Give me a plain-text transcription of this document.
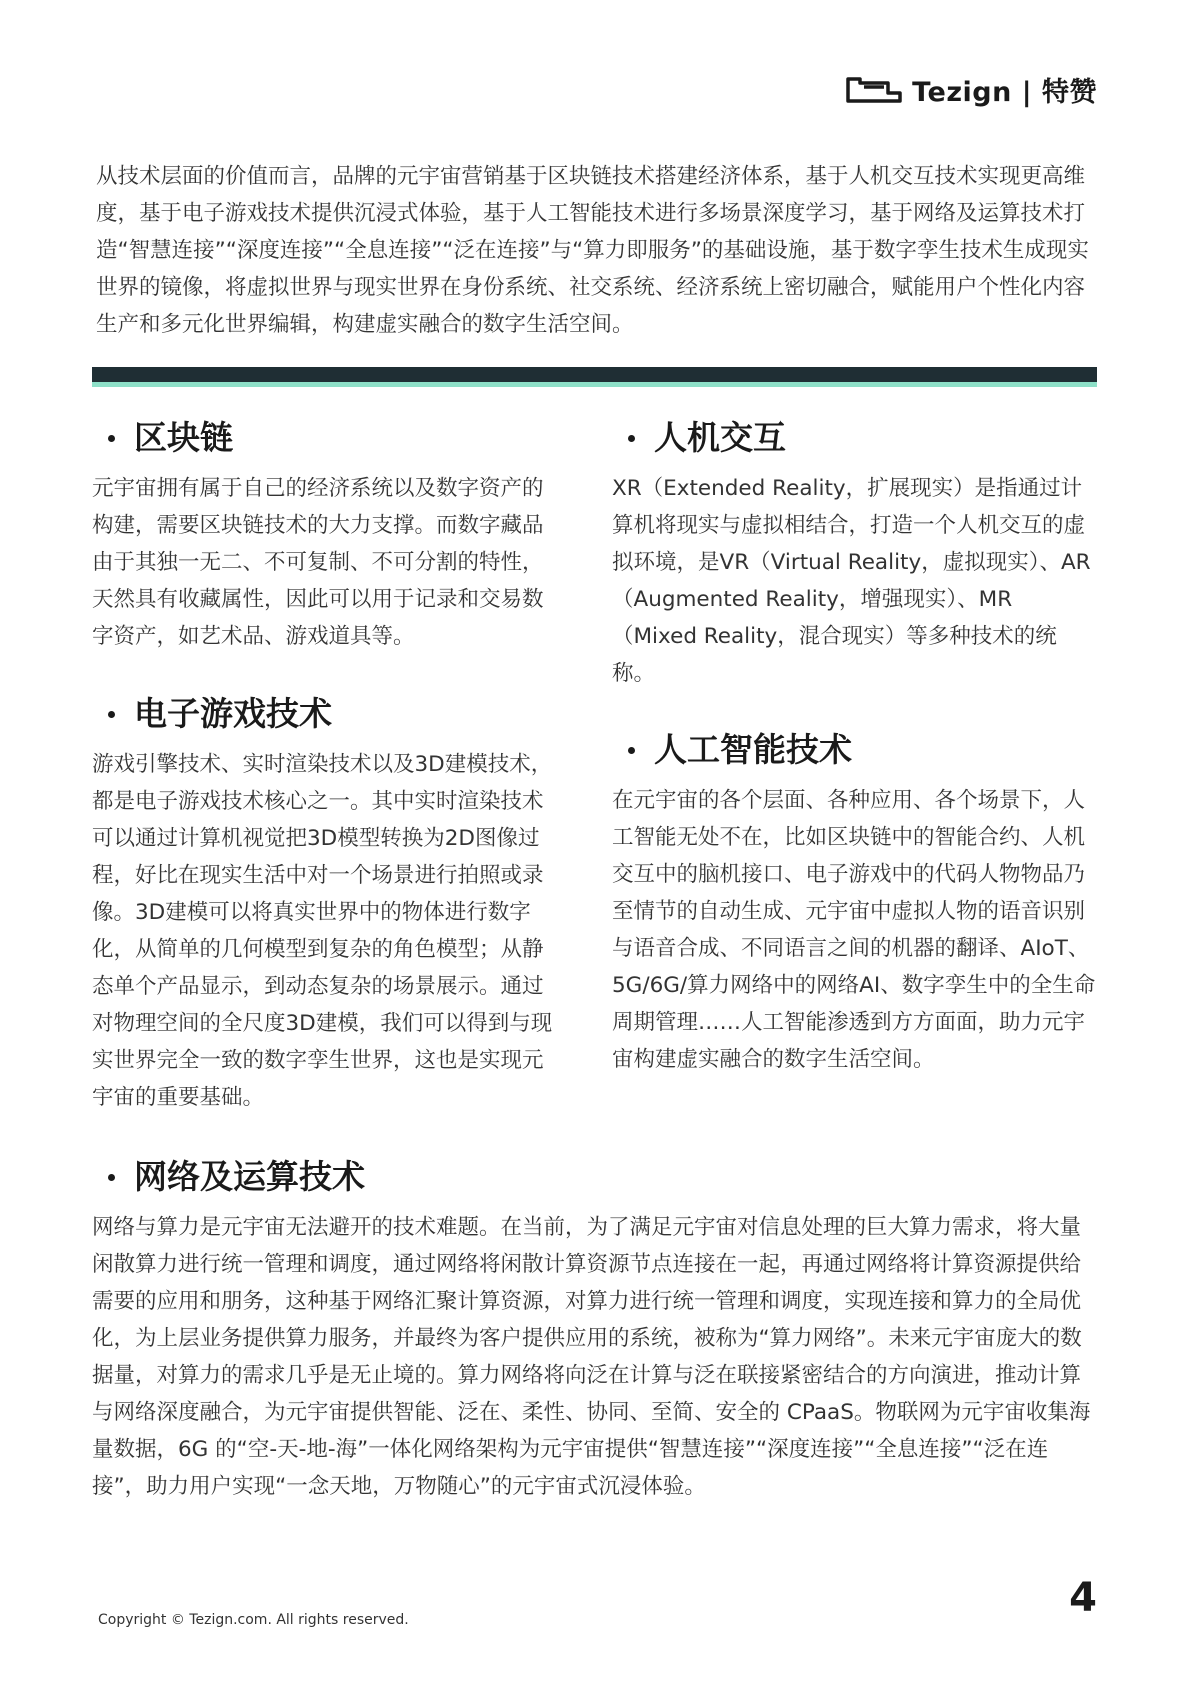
Tezign | 特赞

从技术层面的价值而言，品牌的元宇宙营销基于区块链技术搭建经济体系，基于人机交互技术实现更高维度，基于电子游戏技术提供沉浸式体验，基于人工智能技术进行多场景深度学习，基于网络及运算技术打造“智慧连接”“深度连接”“全息连接”“泛在连接”与“算力即服务”的基础设施，基于数字孪生技术生成现实世界的镜像，将虚拟世界与现实世界在身份系统、社交系统、经济系统上密切融合，赋能用户个性化内容生产和多元化世界编辑，构建虚实融合的数字生活空间。

区块链

元宇宙拥有属于自己的经济系统以及数字资产的构建，需要区块链技术的大力支撑。而数字藏品由于其独一无二、不可复制、不可分割的特性，天然具有收藏属性，因此可以用于记录和交易数字资产，如艺术品、游戏道具等。

人机交互

XR（Extended Reality，扩展现实）是指通过计算机将现实与虚拟相结合，打造一个人机交互的虚拟环境，是VR（Virtual Reality，虚拟现实）、AR（Augmented Reality，增强现实）、MR（Mixed Reality，混合现实）等多种技术的统称。

电子游戏技术

游戏引擎技术、实时渲染技术以及3D建模技术，都是电子游戏技术核心之一。其中实时渲染技术可以通过计算机视觉把3D模型转换为2D图像过程，好比在现实生活中对一个场景进行拍照或录像。3D建模可以将真实世界中的物体进行数字化，从简单的几何模型到复杂的角色模型；从静态单个产品显示，到动态复杂的场景展示。通过对物理空间的全尺度3D建模，我们可以得到与现实世界完全一致的数字孪生世界，这也是实现元宇宙的重要基础。

人工智能技术

在元宇宙的各个层面、各种应用、各个场景下，人工智能无处不在，比如区块链中的智能合约、人机交互中的脑机接口、电子游戏中的代码人物物品乃至情节的自动生成、元宇宙中虚拟人物的语音识别与语音合成、不同语言之间的机器的翻译、AIoT、5G/6G/算力网络中的网络AI、数字孪生中的全生命周期管理……人工智能渗透到方方面面，助力元宇宙构建虚实融合的数字生活空间。

网络及运算技术

网络与算力是元宇宙无法避开的技术难题。在当前，为了满足元宇宙对信息处理的巨大算力需求，将大量闲散算力进行统一管理和调度，通过网络将闲散计算资源节点连接在一起，再通过网络将计算资源提供给需要的应用和朋务，这种基于网络汇聚计算资源，对算力进行统一管理和调度，实现连接和算力的全局优化，为上层业务提供算力服务，并最终为客户提供应用的系统，被称为“算力网络”。未来元宇宙庞大的数据量，对算力的需求几乎是无止境的。算力网络将向泛在计算与泛在联接紧密结合的方向演进，推动计算与网络深度融合，为元宇宙提供智能、泛在、柔性、协同、至简、安全的 CPaaS。物联网为元宇宙收集海量数据，6G 的“空-天-地-海”一体化网络架构为元宇宙提供“智慧连接”“深度连接”“全息连接”“泛在连接”，助力用户实现“一念天地，万物随心”的元宇宙式沉浸体验。

Copyright © Tezign.com. All rights reserved.	4
